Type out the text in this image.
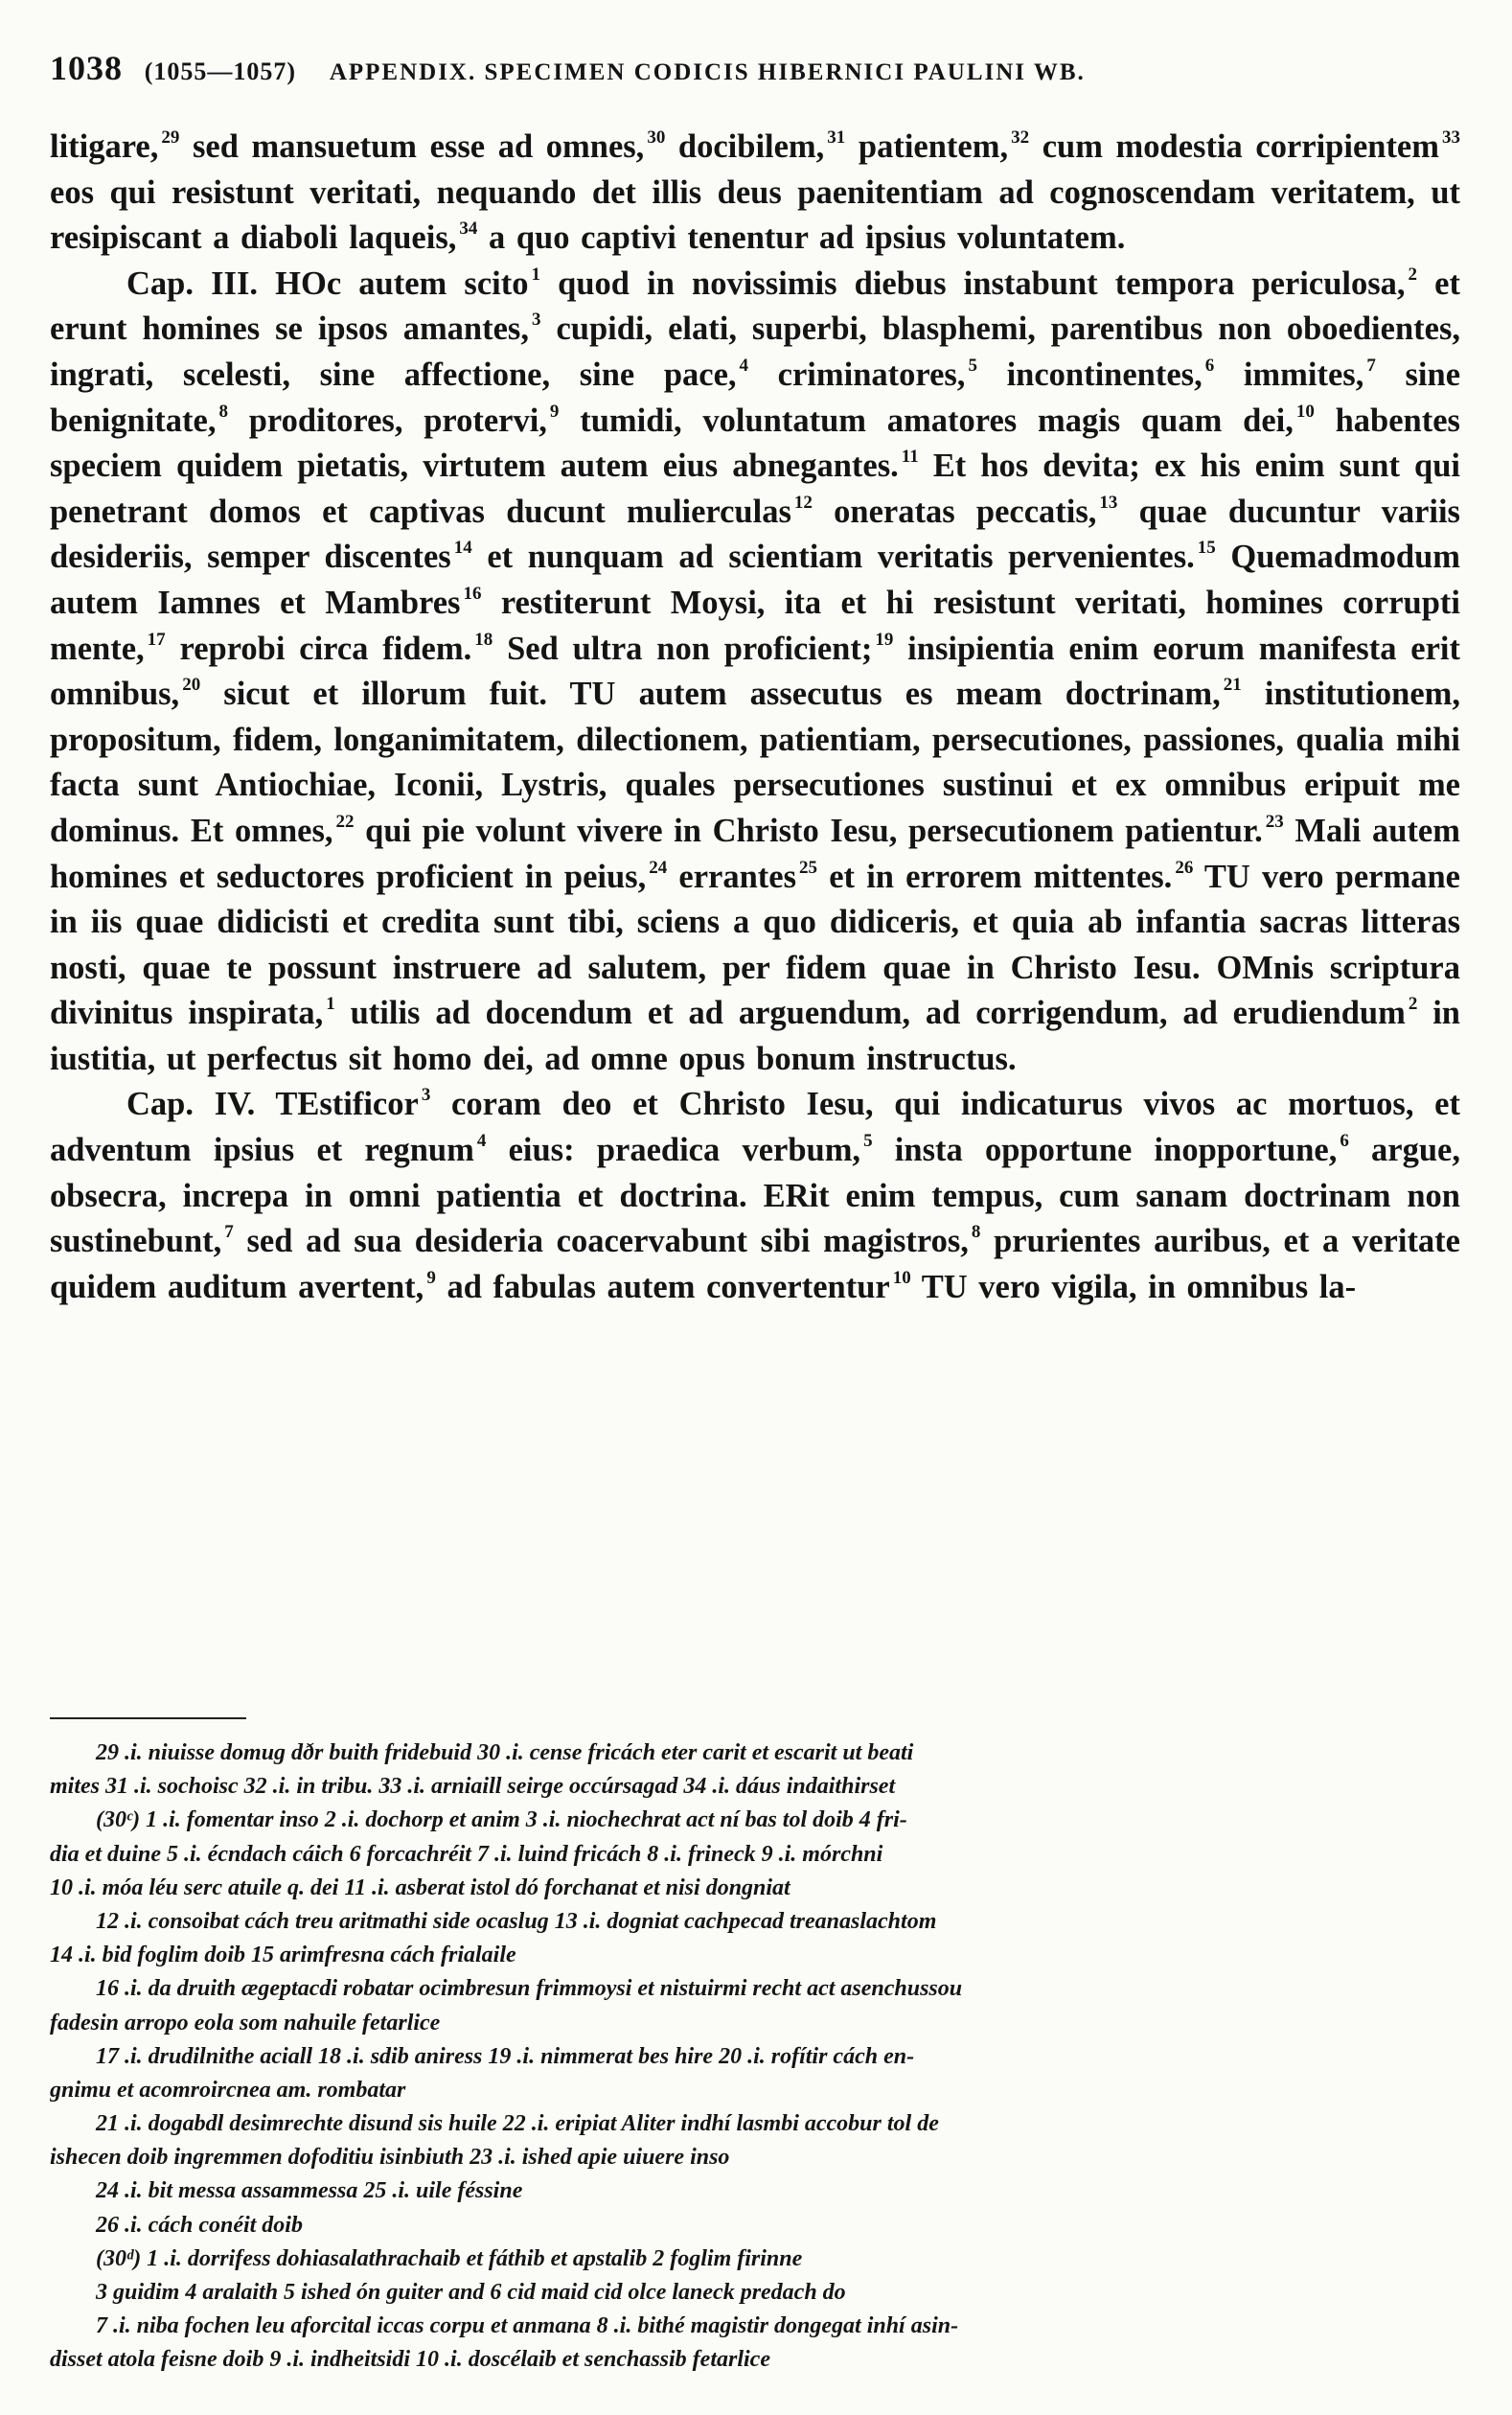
1038 (1055—1057) APPENDIX. SPECIMEN CODICIS HIBERNICI PAULINI WB.

litigare, $^{29}$ sed mansuetum esse ad omnes, $^{30}$ docibilem, $^{31}$ patientem, $^{32}$ cum modestia corripientem $^{33}$ eos qui resistunt veritati, nequando det illis deus paenitentiam ad cognoscendam veritatem, ut resipiscant a diaboli laqueis, $^{34}$ a quo captivi tenentur ad ipsius voluntatem.

Cap. III. HOc autem scito $^1$ quod in novissimis diebus instabunt tempora periculosa, $^2$ et erunt homines se ipsos amantes, $^3$ cupidi, elati, superbi, blasphemi, parentibus non oboedientes, ingrati, scelesti, sine affectione, sine pace, $^4$ criminatores, $^5$ incontinentes, $^6$ immites, $^7$ sine benignitate, $^8$ proditores, protervi, $^9$ tumidi, voluntatum amatores magis quam dei, $^{10}$ habentes speciem quidem pietatis, virtutem autem eius abnegantes. $^{11}$ Et hos devita; ex his enim sunt qui penetrant domos et captivas ducunt mulierculas $^{12}$ oneratas peccatis, $^{13}$ quae ducuntur variis desideriis, semper discentes $^{14}$ et nunquam ad scientiam veritatis pervenientes. $^{15}$ Quemadmodum autem Iamnes et Mambres $^{16}$ restiterunt Moysi, ita et hi resistunt veritati, homines corrupti mente, $^{17}$ reprobi circa fidem. $^{18}$ Sed ultra non proficient; $^{19}$ insipientia enim eorum manifesta erit omnibus, $^{20}$ sicut et illorum fuit. TU autem assecutus es meam doctrinam, $^{21}$ institutionem, propositum, fidem, longanimitatem, dilectionem, patientiam, persecutiones, passiones, qualia mihi facta sunt Antiochiae, Iconii, Lystris, quales persecutiones sustinui et ex omnibus eripuit me dominus. Et omnes, $^{22}$ qui pie volunt vivere in Christo Iesu, persecutionem patientur. $^{23}$ Mali autem homines et seductores proficient in peius, $^{24}$ errantes $^{25}$ et in errorem mittentes. $^{26}$ TU vero permane in iis quae didicisti et credita sunt tibi, sciens a quo didiceris, et quia ab infantia sacras litteras nosti, quae te possunt instruere ad salutem, per fidem quae in Christo Iesu. OMnis scriptura divinitus inspirata, $^1$ utilis ad docendum et ad arguendum, ad corrigendum, ad erudiendum $^2$ in iustitia, ut perfectus sit homo dei, ad omne opus bonum instructus.

Cap. IV. TEstificor $^3$ coram deo et Christo Iesu, qui indicaturus vivos ac mortuos, et adventum ipsius et regnum $^4$ eius: praedica verbum, $^5$ insta opportune inopportune, $^6$ argue, obsecra, increpa in omni patientia et doctrina. ERit enim tempus, cum sanam doctrinam non sustinebunt, $^7$ sed ad sua desideria coacervabunt sibi magistros, $^8$ prurientes auribus, et a veritate quidem auditum avertent, $^9$ ad fabulas autem convertentur $^{10}$ TU vero vigila, in omnibus la-

29 .i. niuisse domug dðr buith fridebuid 30 .i. cense fricách eter carit et escarit ut beati
mites 31 .i. sochoisc 32 .i. in tribu. 33 .i. arniaill seirge occúrsagad 34 .i. dáus indaithirset
(30ᶜ) 1 .i. fomentar inso 2 .i. dochorp et anim 3 .i. niochechrat act ní bas tol doib 4 fri-
dia et duine 5 .i. écndach cáich 6 forcachréit 7 .i. luind fricách 8 .i. frineck 9 .i. mórchni
10 .i. móa léu serc atuile q. dei 11 .i. asberat istol dó forchanat et nisi dongniat
12 .i. consoibat cách treu aritmathi side ocaslug 13 .i. dogniat cachpecad treanaslachtom
14 .i. bid foglim doib 15 arimfresna cách frialaile
16 .i. da druith ægeptacdi robatar ocimbresun frimmoysi et nistuirmi recht act asenchussou
fadesin arropo eola som nahuile fetarlice
17 .i. drudilnithe aciall 18 .i. sdib aniress 19 .i. nimmerat bes hire 20 .i. rofítir cách en-
gnimu et acomroircnea am. rombatar
21 .i. dogabdl desimrechte disund sis huile 22 .i. eripiat Aliter indhí lasmbi accobur tol de
ishecen doib ingremmen dofoditiu isinbiuth 23 .i. ished apie uiuere inso
24 .i. bit messa assammessa 25 .i. uile féssine
26 .i. cách conéit doib
(30ᵈ) 1 .i. dorrifess dohiasalathrachaib et fáthib et apstalib 2 foglim firinne
3 guidim 4 aralaith 5 ished ón guiter and 6 cid maid cid olce laneck predach do
7 .i. niba fochen leu aforcital iccas corpu et anmana 8 .i. bithé magistir dongegat inhí asin-
disset atola feisne doib 9 .i. indheitsidi 10 .i. doscélaib et senchassib fetarlice
